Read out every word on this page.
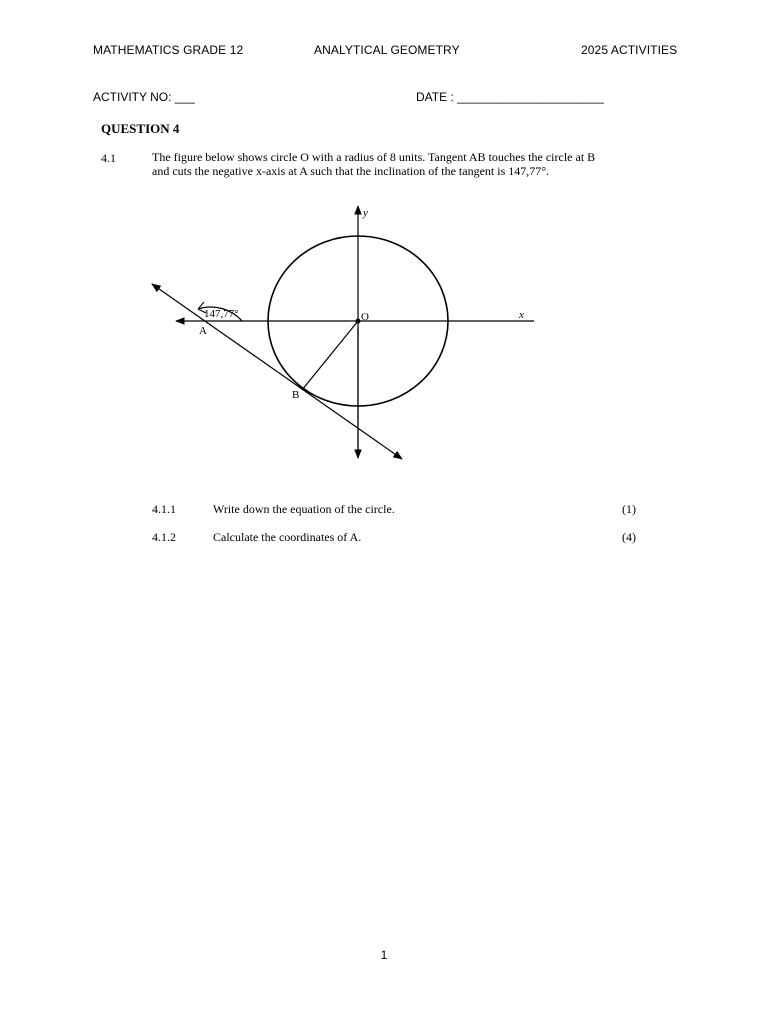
MATHEMATICS GRADE 12	ANALYTICAL GEOMETRY	2025 ACTIVITIES
ACTIVITY NO: ___	DATE : ______________________
QUESTION 4
4.1	The figure below shows circle O with a radius of 8 units. Tangent AB touches the circle at B and cuts the negative x-axis at A such that the inclination of the tangent is 147,77°.
147,77°
A
B
O	x
y
4.1.1	Write down the equation of the circle.	(1)
4.1.2	Calculate the coordinates of A.	(4)
1
